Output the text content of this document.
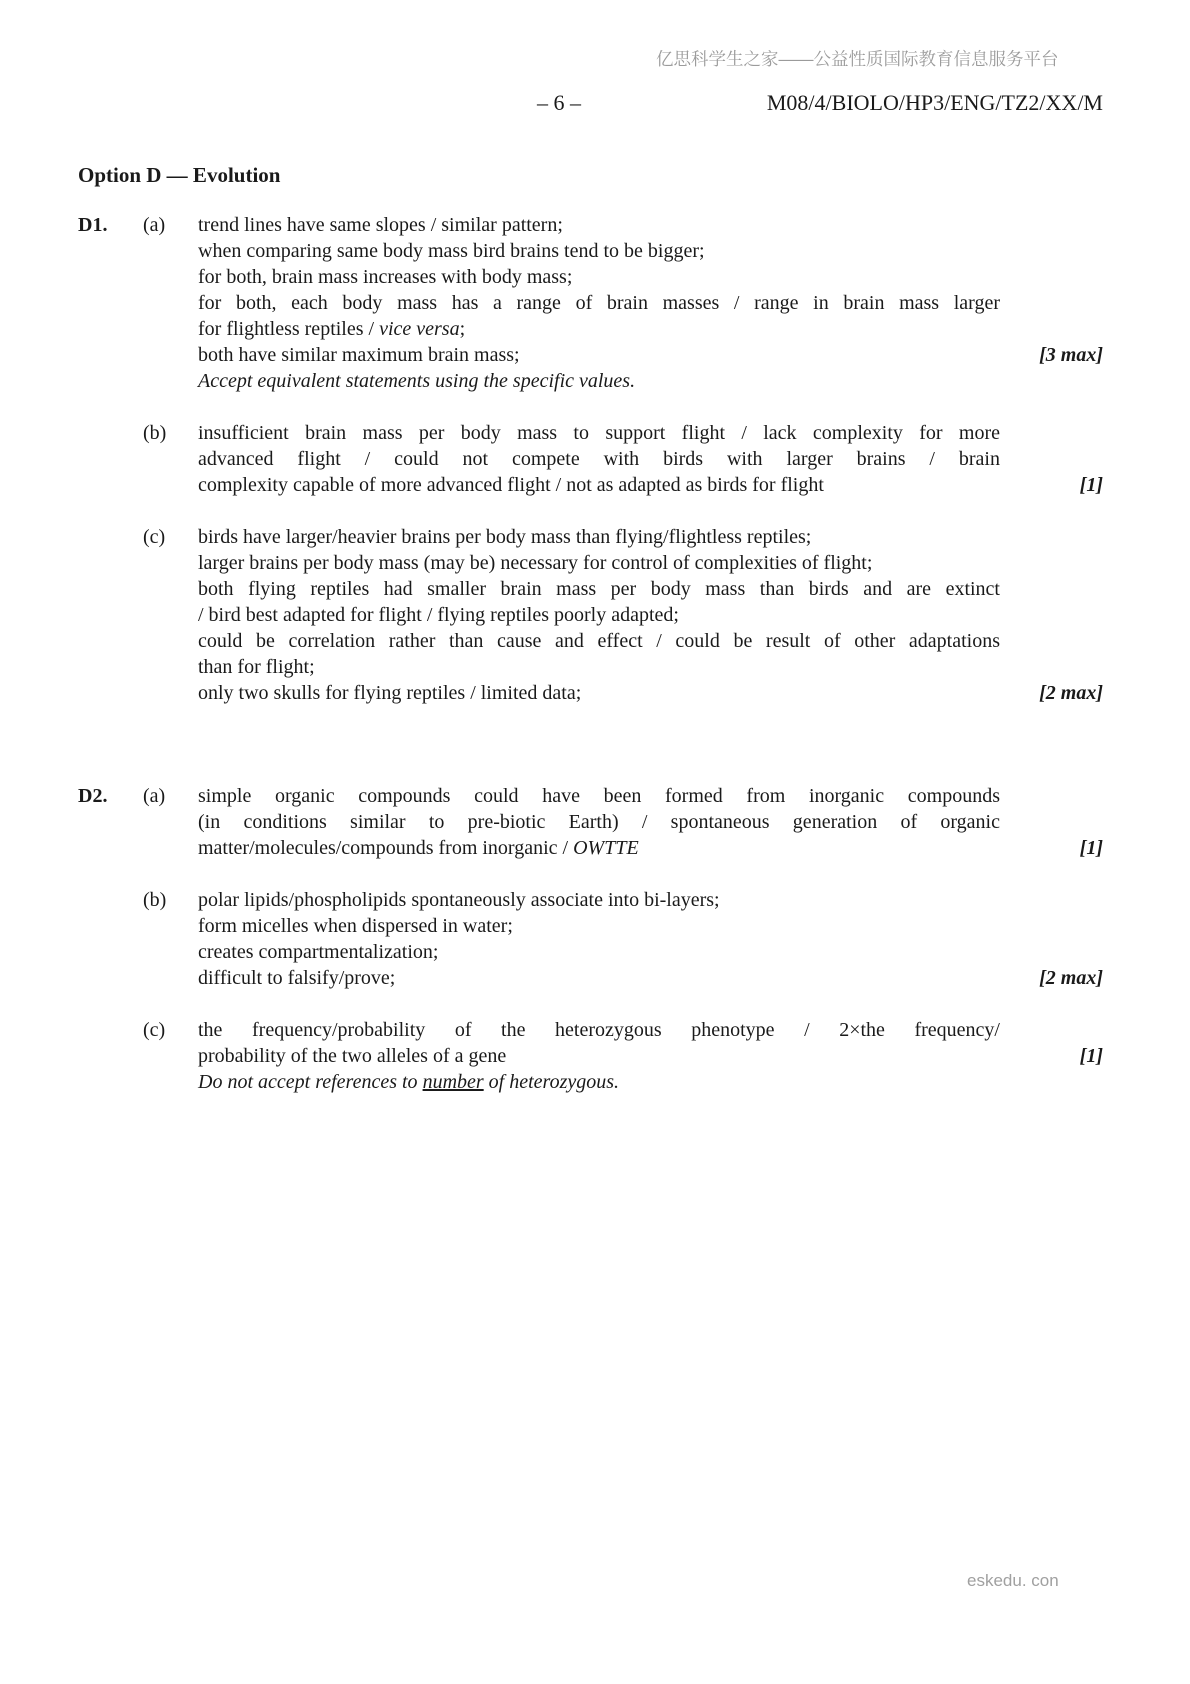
亿思科学生之家——公益性质国际教育信息服务平台
– 6 –	M08/4/BIOLO/HP3/ENG/TZ2/XX/M
Option D — Evolution
D1.	(a)	trend lines have same slopes / similar pattern;
when comparing same body mass bird brains tend to be bigger;
for both, brain mass increases with body mass;
for both, each body mass has a range of brain masses / range in brain mass larger
for flightless reptiles / vice versa;
both have similar maximum brain mass;	[3 max]
Accept equivalent statements using the specific values.
(b)	insufficient brain mass per body mass to support flight / lack complexity for more
advanced flight / could not compete with birds with larger brains / brain
complexity capable of more advanced flight / not as adapted as birds for flight	[1]
(c)	birds have larger/heavier brains per body mass than flying/flightless reptiles;
larger brains per body mass (may be) necessary for control of complexities of flight;
both flying reptiles had smaller brain mass per body mass than birds and are extinct
/ bird best adapted for flight / flying reptiles poorly adapted;
could be correlation rather than cause and effect / could be result of other adaptations
than for flight;
only two skulls for flying reptiles / limited data;	[2 max]
D2.	(a)	simple organic compounds could have been formed from inorganic compounds
(in conditions similar to pre-biotic Earth) / spontaneous generation of organic
matter/molecules/compounds from inorganic / OWTTE	[1]
(b)	polar lipids/phospholipids spontaneously associate into bi-layers;
form micelles when dispersed in water;
creates compartmentalization;
difficult to falsify/prove;	[2 max]
(c)	the frequency/probability of the heterozygous phenotype / 2×the frequency/
probability of the two alleles of a gene	[1]
Do not accept references to number of heterozygous.
eskedu. con
